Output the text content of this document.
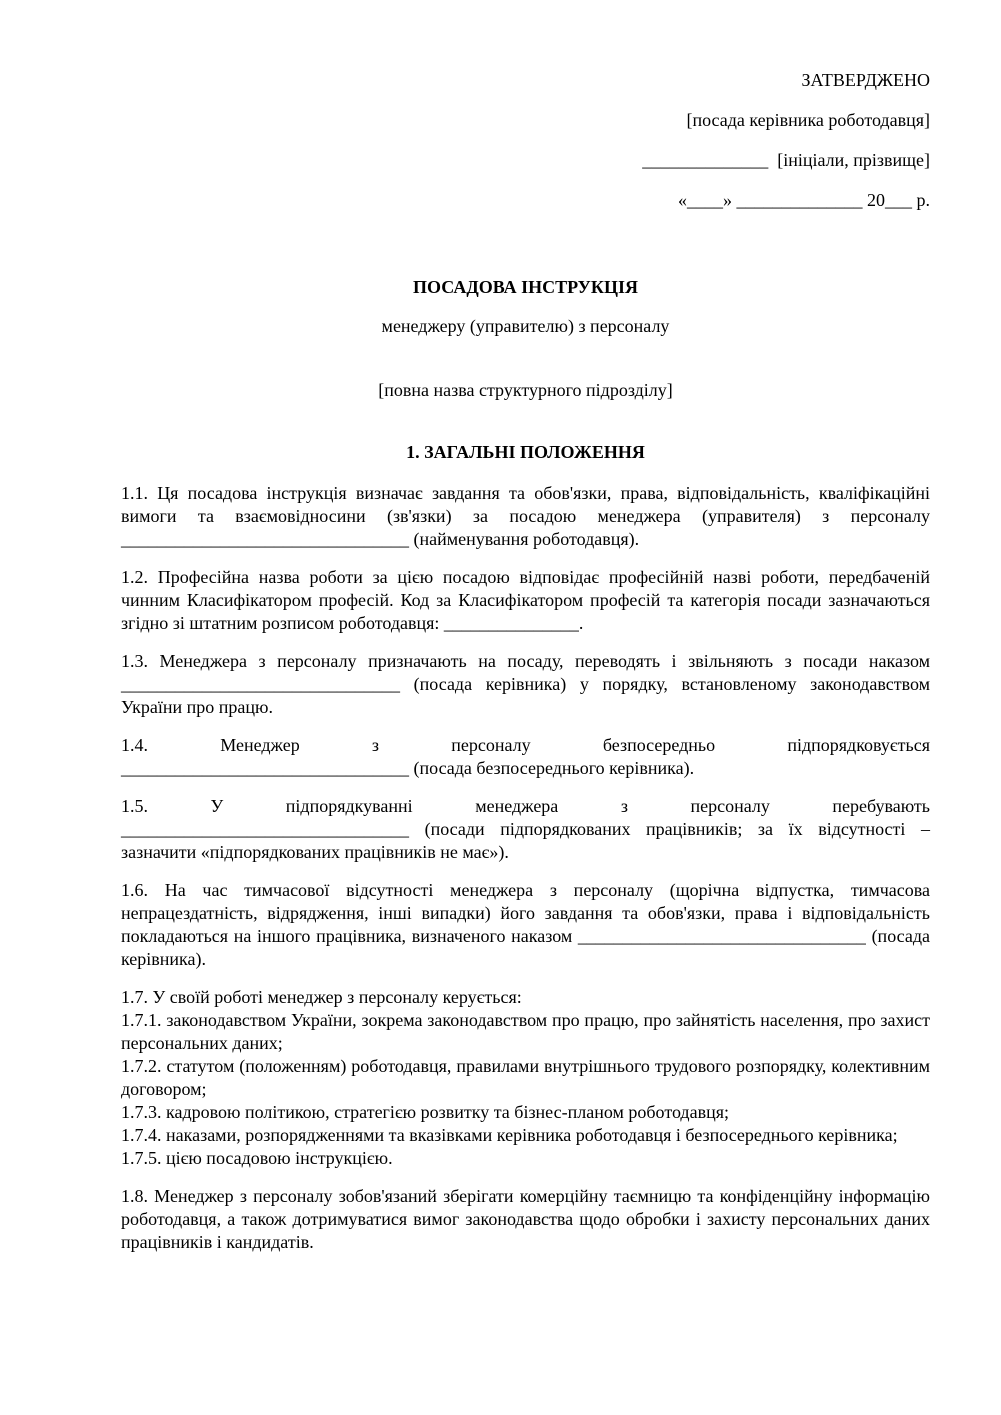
ЗАТВЕРДЖЕНО
[посада керівника роботодавця]
______________  [ініціали, прізвище]
«____» ______________ 20___ р.
ПОСАДОВА ІНСТРУКЦІЯ
менеджеру (управителю) з персоналу
[повна назва структурного підрозділу]
1. ЗАГАЛЬНІ ПОЛОЖЕННЯ

1.1. Ця посадова інструкція визначає завдання та обов'язки, права, відповідальність, кваліфікаційні вимоги та взаємовідносини (зв'язки) за посадою менеджера (управителя) з персоналу ________________________________ (найменування роботодавця).

1.2. Професійна назва роботи за цією посадою відповідає професійній назві роботи, передбаченій чинним Класифікатором професій. Код за Класифікатором професій та категорія посади зазначаються згідно зі штатним розписом роботодавця: _______________.

1.3. Менеджера з персоналу призначають на посаду, переводять і звільняють з посади наказом _______________________________ (посада керівника) у порядку, встановленому законодавством України про працю.

1.4. Менеджер з персоналу безпосередньо підпорядковується

________________________________ (посада безпосереднього керівника).

1.5. У підпорядкуванні менеджера з персоналу перебувають

________________________________ (посади підпорядкованих працівників; за їх відсутності – зазначити «підпорядкованих працівників не має»).

1.6. На час тимчасової відсутності менеджера з персоналу (щорічна відпустка, тимчасова непрацездатність, відрядження, інші випадки) його завдання та обов'язки, права і відповідальність покладаються на іншого працівника, визначеного наказом ________________________________ (посада керівника).

1.7. У своїй роботі менеджер з персоналу керується:

1.7.1. законодавством України, зокрема законодавством про працю, про зайнятість населення, про захист персональних даних;

1.7.2. статутом (положенням) роботодавця, правилами внутрішнього трудового розпорядку, колективним договором;

1.7.3. кадровою політикою, стратегією розвитку та бізнес-планом роботодавця;

1.7.4. наказами, розпорядженнями та вказівками керівника роботодавця і безпосереднього керівника;

1.7.5. цією посадовою інструкцією.

1.8. Менеджер з персоналу зобов'язаний зберігати комерційну таємницю та конфіденційну інформацію роботодавця, а також дотримуватися вимог законодавства щодо обробки і захисту персональних даних працівників і кандидатів.
